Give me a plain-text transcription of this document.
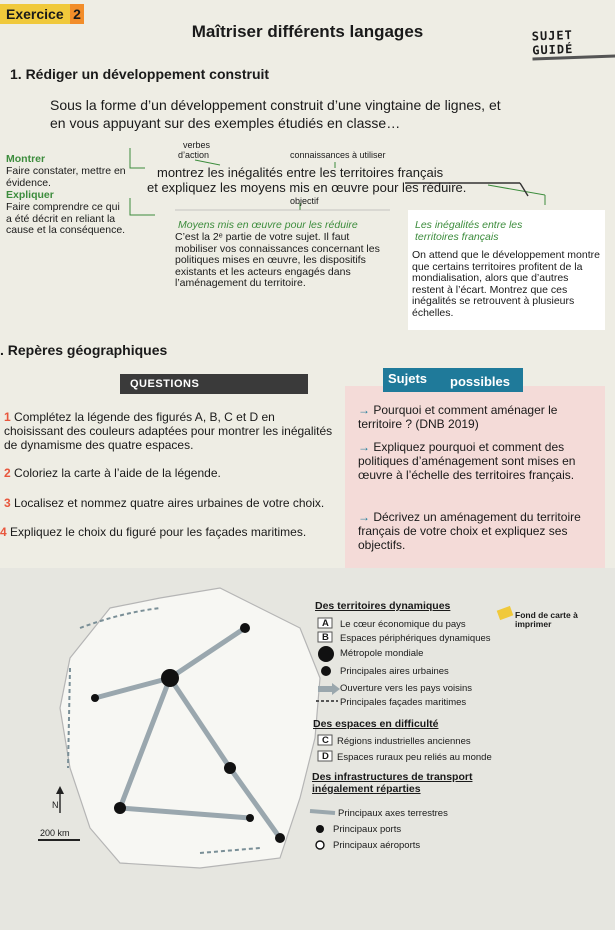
Exercice 2
Maîtriser différents langages	SUJET GUIDÉ
1. Rédiger un développement construit
Sous la forme d’un développement construit d’une vingtaine de lignes, et en vous appuyant sur des exemples étudiés en classe…
verbes
d’action	connaissances à utiliser
objectif
Montrer
Faire constater, mettre en évidence.
Expliquer
Faire comprendre ce qui a été décrit en reliant la cause et la conséquence.
montrez les inégalités entre les territoires français
et expliquez les moyens mis en œuvre pour les réduire.
Moyens mis en œuvre pour les réduire
C’est la 2ᵉ partie de votre sujet. Il faut mobiliser vos connaissances concernant les politiques mises en œuvre, les dispositifs existants et les acteurs engagés dans l’aménagement du territoire.
Les inégalités entre les territoires français
On attend que le développement montre que certains territoires profitent de la mondialisation, alors que d’autres restent à l’écart. Montrez que ces inégalités se retrouvent à plusieurs échelles.
. Repères géographiques
QUESTIONS
1 Complétez la légende des figurés A, B, C et D en choisissant des couleurs adaptées pour montrer les inégalités de dynamisme des quatre espaces.
2 Coloriez la carte à l’aide de la légende.
3 Localisez et nommez quatre aires urbaines de votre choix.
4 Expliquez le choix du figuré pour les façades maritimes.
Sujets possibles
→ Pourquoi et comment aménager le territoire ? (DNB 2019)
→ Expliquez pourquoi et comment des politiques d’aménagement sont mises en œuvre à l’échelle des territoires français.
→ Décrivez un aménagement du territoire français de votre choix et expliquez ses objectifs.
N
200 km
Fond de carte à imprimer
Des territoires dynamiques
A Le cœur économique du pays
B Espaces périphériques dynamiques
Métropole mondiale
Principales aires urbaines
Ouverture vers les pays voisins
Principales façades maritimes
Des espaces en difficulté
C Régions industrielles anciennes
D Espaces ruraux peu reliés au monde
Des infrastructures de transport inégalement réparties
Principaux axes terrestres
Principaux ports
Principaux aéroports
